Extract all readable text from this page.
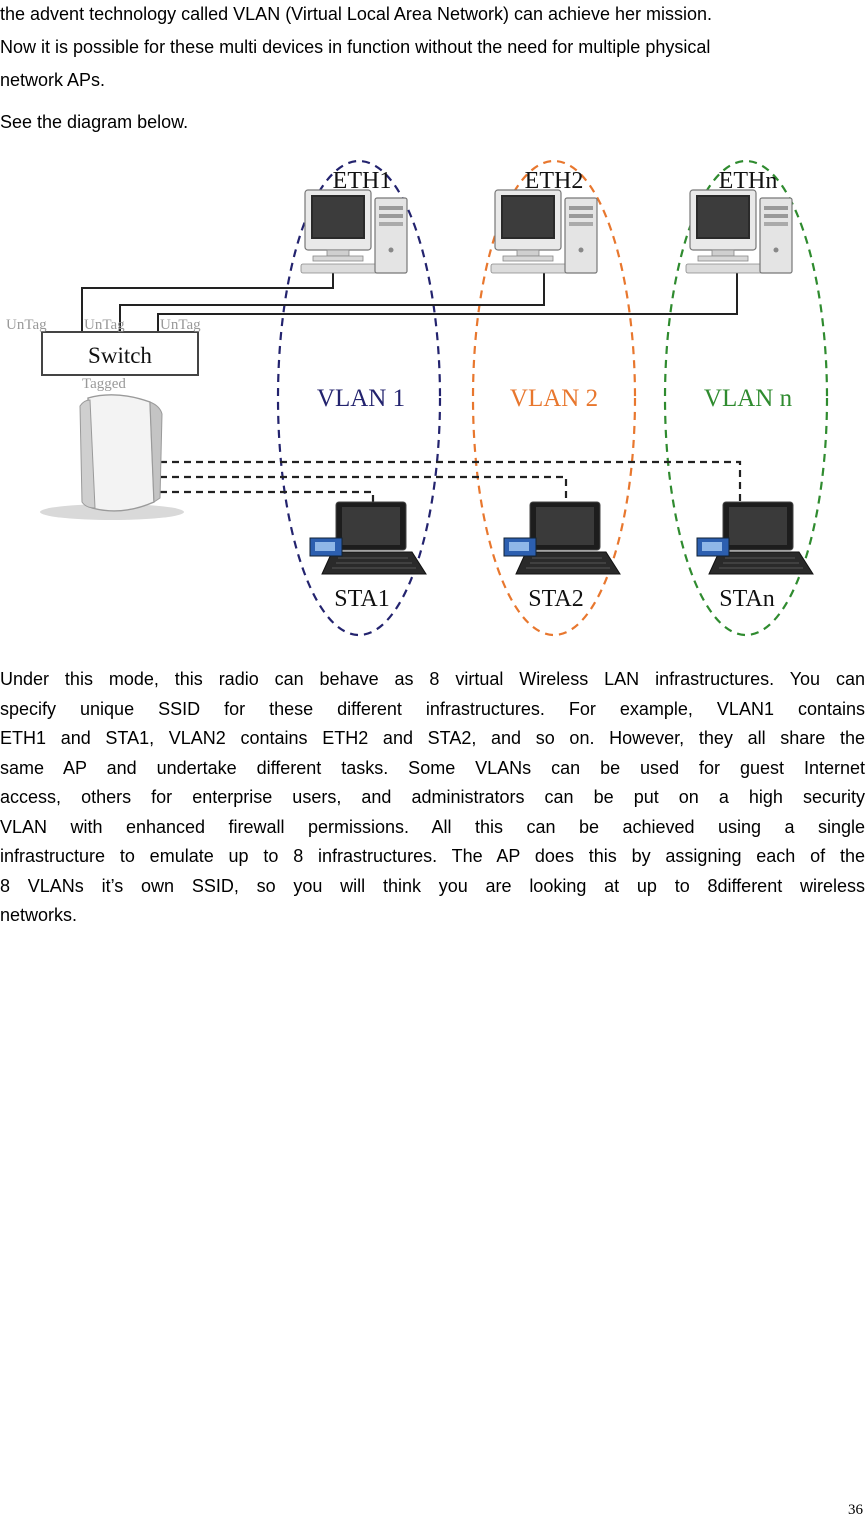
the advent technology called VLAN (Virtual Local Area Network) can achieve her mission.
Now it is possible for these multi devices in function without the need for multiple physical
network APs.
See the diagram below.
Switch
UnTag UnTag UnTag
Tagged
ETH1	ETH2	ETHn
VLAN 1	VLAN 2	VLAN n
STA1	STA2	STAn
Under this mode, this radio can behave as 8 virtual Wireless LAN infrastructures. You can
specify unique SSID for these different infrastructures. For example, VLAN1 contains
ETH1 and STA1, VLAN2 contains ETH2 and STA2, and so on. However, they all share the
same AP and undertake different tasks. Some VLANs can be used for guest Internet
access, others for enterprise users, and administrators can be put on a high security
VLAN with enhanced firewall permissions. All this can be achieved using a single
infrastructure to emulate up to 8 infrastructures. The AP does this by assigning each of the
8 VLANs it’s own SSID, so you will think you are looking at up to 8different wireless
networks.
36
